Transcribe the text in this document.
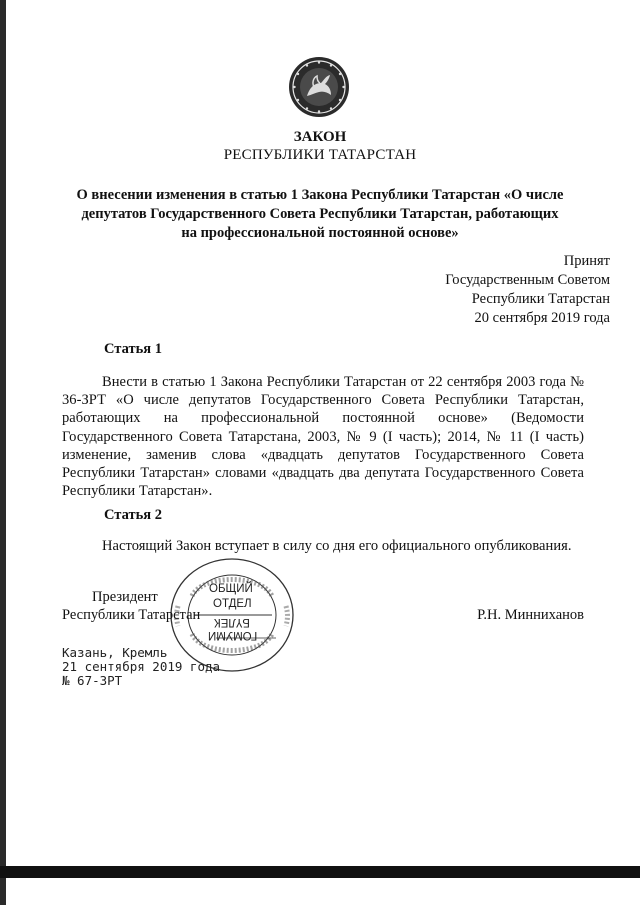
ЗАКОН
РЕСПУБЛИКИ ТАТАРСТАН
О внесении изменения в статью 1 Закона Республики Татарстан «О числе
депутатов Государственного Совета Республики Татарстан, работающих
на профессиональной постоянной основе»
Принят
Государственным Советом
Республики Татарстан
20 сентября 2019 года
Статья 1
Внести в статью 1 Закона Республики Татарстан от 22 сентября 2003 года № 36-ЗРТ «О числе депутатов Государственного Совета Республики Татарстан, работающих на профессиональной постоянной основе» (Ведомости Государственного Совета Татарстана, 2003, № 9 (I часть); 2014, № 11 (I часть) изменение, заменив слова «двадцать депутатов Государственного Совета Республики Татарстан» словами «двадцать два депутата Государственного Совета Республики Татарстан».
Статья 2
Настоящий Закон вступает в силу со дня его официального опубликования.
ОБЩИЙ
ОТДЕЛ
БҮЛЕК
ГОМУМИ
Президент
Республики Татарстан	Р.Н. Минниханов
Казань, Кремль
21 сентября 2019 года
№ 67-ЗРТ
